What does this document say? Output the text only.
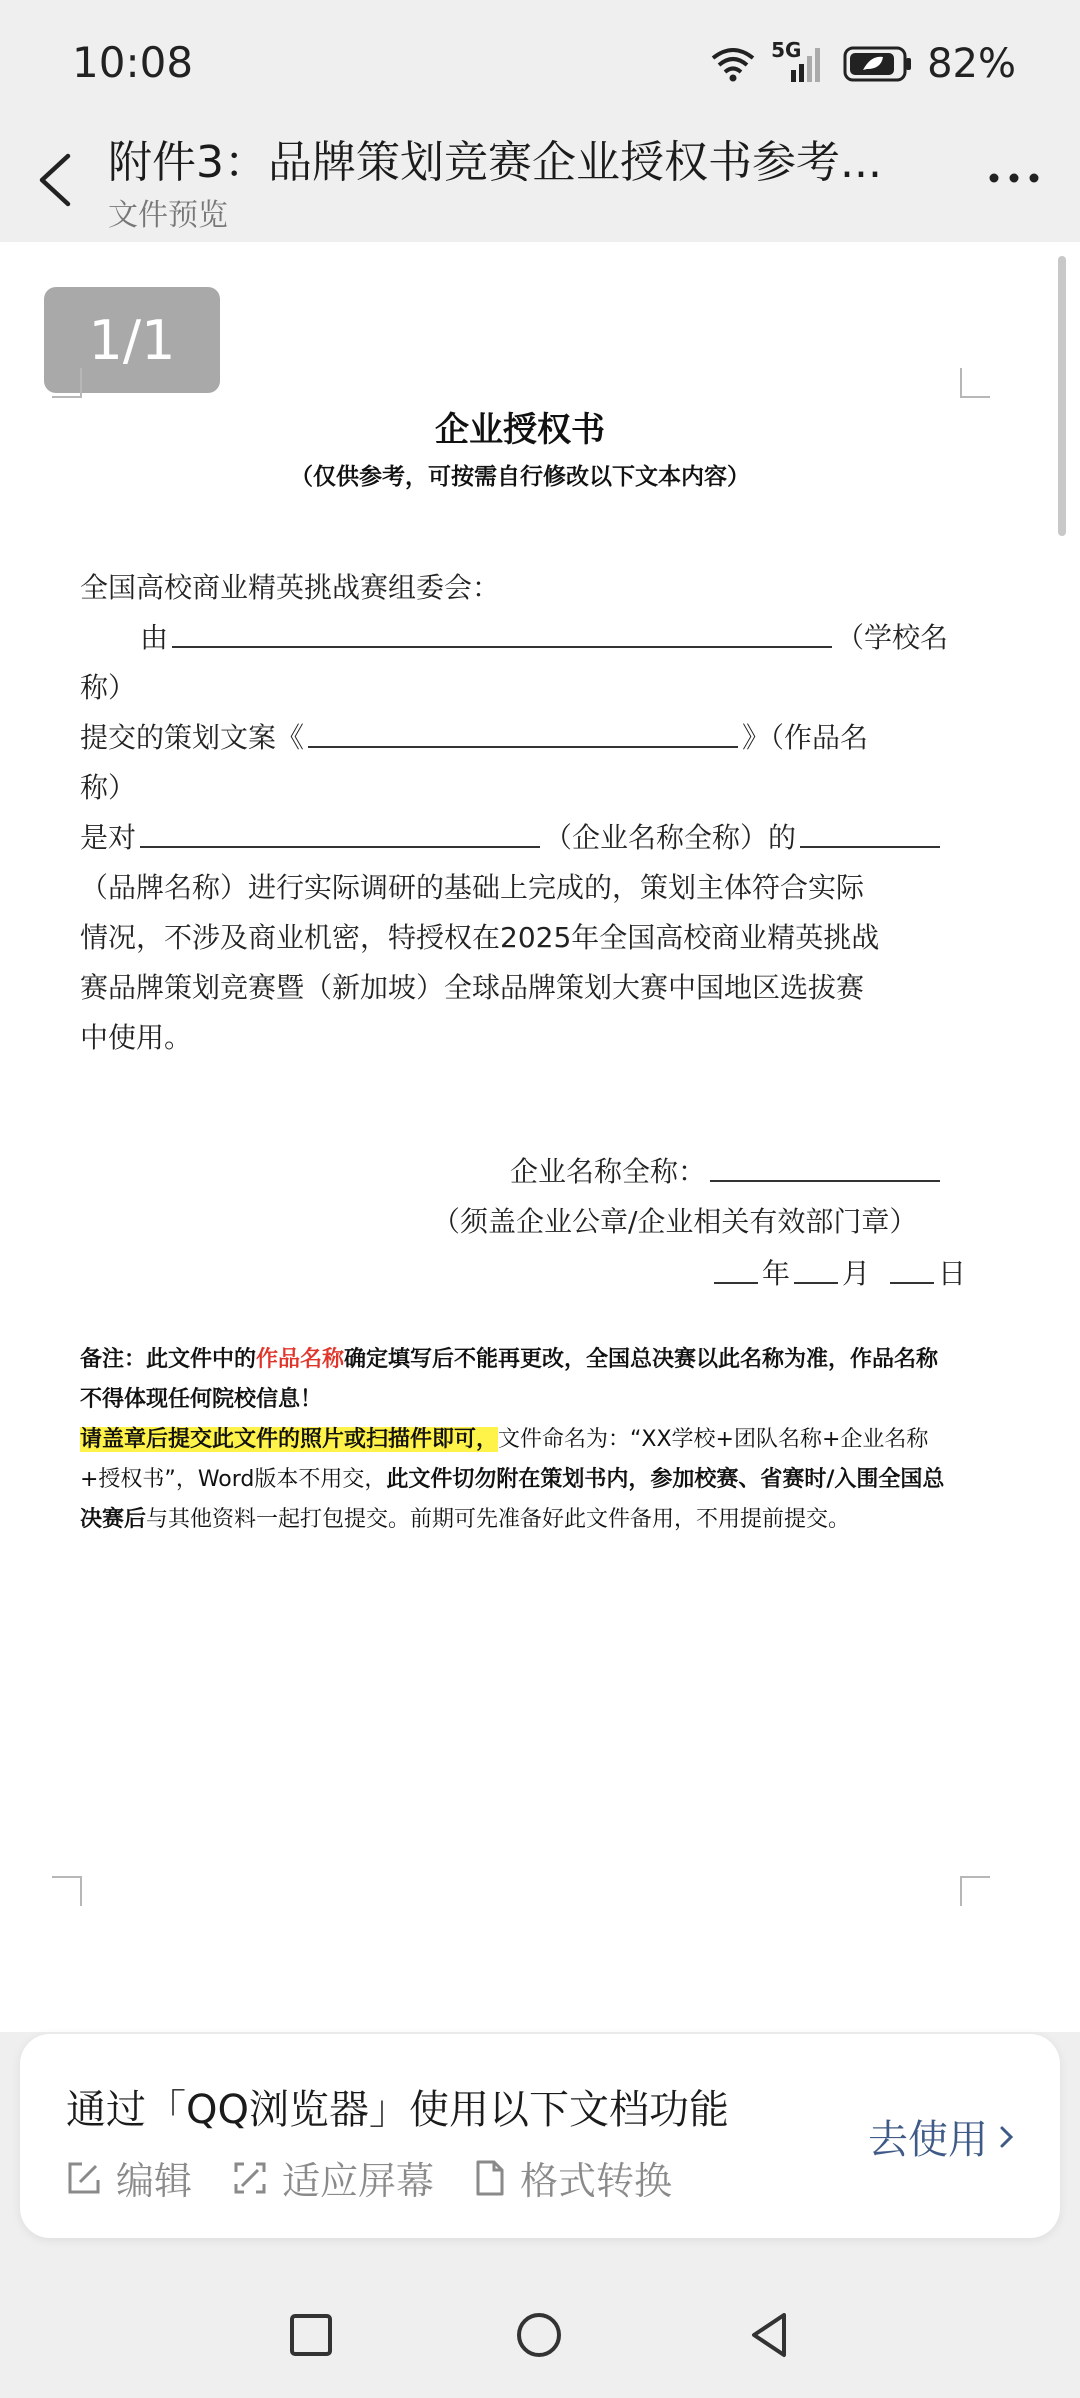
10:08	5G	82%
附件3：品牌策划竞赛企业授权书参考...
文件预览
1/1
企业授权书
（仅供参考，可按需自行修改以下文本内容）
全国高校商业精英挑战赛组委会：
由	（学校名
称）
提交的策划文案《	》（作品名
称）
是对	（企业名称全称）的
（品牌名称）进行实际调研的基础上完成的，策划主体符合实际
情况，不涉及商业机密，特授权在2025年全国高校商业精英挑战
赛品牌策划竞赛暨（新加坡）全球品牌策划大赛中国地区选拔赛
中使用。
企业名称全称：
（须盖企业公章/企业相关有效部门章）
年 月 日
备注：此文件中的作品名称确定填写后不能再更改，全国总决赛以此名称为准，作品名称不得体现任何院校信息！
请盖章后提交此文件的照片或扫描件即可，文件命名为：“XX学校+团队名称+企业名称+授权书”，Word版本不用交，此文件切勿附在策划书内，参加校赛、省赛时/入围全国总决赛后与其他资料一起打包提交。前期可先准备好此文件备用，不用提前提交。
通过「QQ浏览器」使用以下文档功能
编辑 适应屏幕 格式转换
去使用
